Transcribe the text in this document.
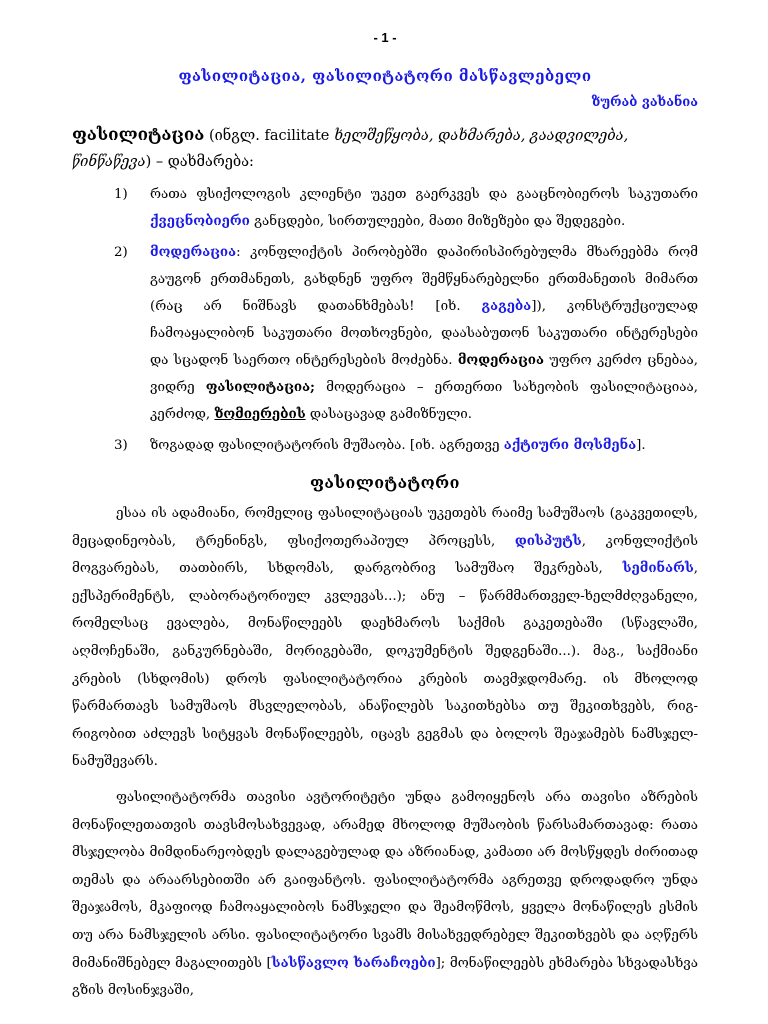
- 1 -
ფასილიტაცია, ფასილიტატორი მასწავლებელი
ზურაბ ვახანია
ფასილიტაცია (ინგლ. facilitate ხელშეწყობა, დახმარება, გაადვილება, წინწაწევა) – დახმარება:
1) რათა ფსიქოლოგის კლიენტი უკეთ გაერკვეს და გააცნობიეროს საკუთარი ქვეცნობიერი განცდები, სირთულეები, მათი მიზეზები და შედეგები.
2) მოდერაცია: კონფლიქტის პირობებში დაპირისპირებულმა მხარეებმა რომ გაუგონ ერთმანეთს, გახდნენ უფრო შემწყნარებელნი ერთმანეთის მიმართ (რაც არ ნიშნავს დათანხმებას! [იხ. გაგება]), კონსტრუქციულად ჩამოაყალიბონ საკუთარი მოთხოვნები, დაასაბუთონ საკუთარი ინტერესები და სცადონ საერთო ინტერესების მოძებნა. მოდერაცია უფრო კერძო ცნებაა, ვიდრე ფასილიტაცია; მოდერაცია – ერთერთი სახეობის ფასილიტაციაა, კერძოდ, ზომიერების დასაცავად გამიზნული.
3) ზოგადად ფასილიტატორის მუშაობა. [იხ. აგრეთვე აქტიური მოსმენა].
ფასილიტატორი

ესაა ის ადამიანი, რომელიც ფასილიტაციას უკეთებს რაიმე სამუშაოს (გაკვეთილს, მეცადინეობას, ტრენინგს, ფსიქოთერაპიულ პროცესს, დისპუტს, კონფლიქტის მოგვარებას, თათბირს, სხდომას, დარგობრივ სამუშაო შეკრებას, სემინარს, ექსპერიმენტს, ლაბორატორიულ კვლევას...); ანუ – წარმმართველ-ხელმძღვანელი, რომელსაც ევალება, მონაწილეებს დაეხმაროს საქმის გაკეთებაში (სწავლაში, აღმოჩენაში, განკურნებაში, მორიგებაში, დოკუმენტის შედგენაში...). მაგ., საქმიანი კრების (სხდომის) დროს ფასილიტატორია კრების თავმჯდომარე. ის მხოლოდ წარმართავს სამუშაოს მსვლელობას, ანაწილებს საკითხებსა თუ შეკითხვებს, რიგ-რიგობით აძლევს სიტყვას მონაწილეებს, იცავს გეგმას და ბოლოს შეაჯამებს ნამსჯელ-ნამუშევარს.

ფასილიტატორმა თავისი ავტორიტეტი უნდა გამოიყენოს არა თავისი აზრების მონაწილეთათვის თავსმოსახვევად, არამედ მხოლოდ მუშაობის წარსამართავად: რათა მსჯელობა მიმდინარეობდეს დალაგებულად და აზრიანად, კამათი არ მოსწყდეს ძირითად თემას და არაარსებითში არ გაიფანტოს. ფასილიტატორმა აგრეთვე დროდადრო უნდა შეაჯამოს, მკაფიოდ ჩამოაყალიბოს ნამსჯელი და შეამოწმოს, ყველა მონაწილეს ესმის თუ არა ნამსჯელის არსი. ფასილიტატორი სვამს მისახვედრებელ შეკითხვებს და აღწერს მიმანიშნებელ მაგალითებს [სასწავლო ხარაჩოები]; მონაწილეებს ეხმარება სხვადასხვა გზის მოსინჯვაში,
